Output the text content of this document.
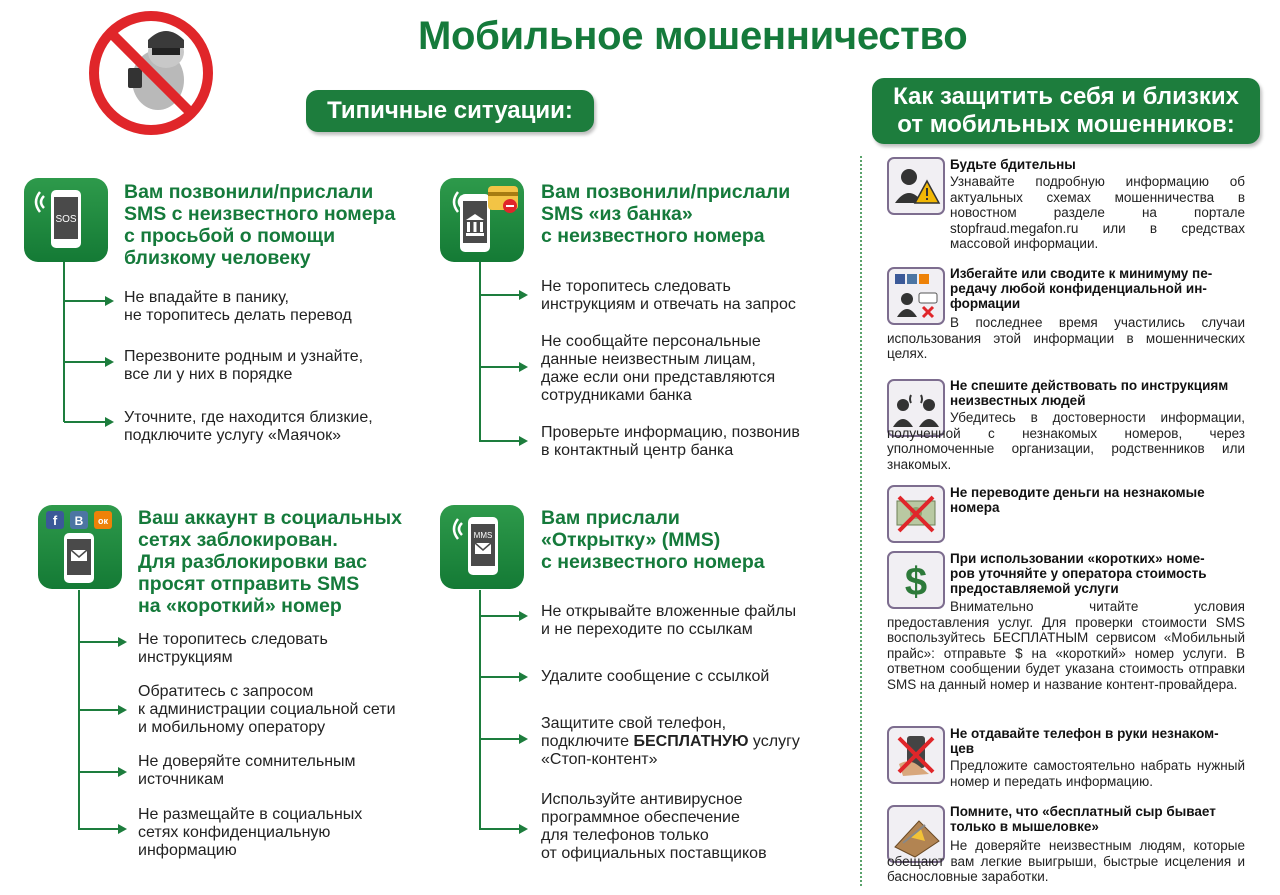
Мобильное мошенничество
Типичные ситуации:
Как защитить себя и близких
от мобильных мошенников:
SOS
Вам позвонили/прислали
SMS с неизвестного номера
с просьбой о помощи
близкому человеку

Не впадайте в панику,
не торопитесь делать перевод

Перезвоните родным и узнайте,
все ли у них в порядке

Уточните, где находится близкие,
подключите услугу «Маячок»

Вам позвонили/прислали
SMS «из банка»
с неизвестного номера

Не торопитесь следовать
инструкциям и отвечать на запрос

Не сообщайте персональные
данные неизвестным лицам,
даже если они представляются
сотрудниками банка

Проверьте информацию, позвонив
в контактный центр банка

f В ок Ваш аккаунт в социальных
сетях заблокирован.
Для разблокировки вас
просят отправить SMS
на «короткий» номер

Не торопитесь следовать
инструкциям

Обратитесь с запросом
к администрации социальной сети
и мобильному оператору

Не доверяйте сомнительным
источникам

Не размещайте в социальных
сетях конфиденциальную
информацию

MMS
Вам прислали
«Открытку» (MMS)
с неизвестного номера

Не открывайте вложенные файлы
и не переходите по ссылкам

Удалите сообщение с ссылкой

Защитите свой телефон,
подключите БЕСПЛАТНУЮ услугу
«Стоп-контент»

Используйте антивирусное
программное обеспечение
для телефонов только
от официальных поставщиков

Будьте бдительны

Узнавайте подробную информацию об актуальных схемах мошенничества в новостном разделе на портале stopfraud.megafon.ru или в средствах массовой информации.

Избегайте или сводите к минимуму пе-
редачу любой конфиденциальной ин-
формации

В последнее время участились случаи использования этой информации в мошеннических целях.

Не спешите действовать по инструкциям
неизвестных людей

Убедитесь в достоверности информации, полученной с незнакомых номеров, через уполномоченные организации, родственников или знакомых.

Не переводите деньги на незнакомые
номера

$

При использовании «коротких» номе-
ров уточняйте у оператора стоимость
предоставляемой услуги

Внимательно читайте условия предоставления услуг. Для проверки стоимости SMS воспользуйтесь БЕСПЛАТНЫМ сервисом «Мобильный прайс»: отправьте $ на «короткий» номер услуги. В ответном сообщении будет указана стоимость отправки SMS на данный номер и название контент-провайдера.

Не отдавайте телефон в руки незнаком-
цев

Предложите самостоятельно набрать нужный номер и передать информацию.

Помните, что «бесплатный сыр бывает
только в мышеловке»

Не доверяйте неизвестным людям, которые обещают вам легкие выигрыши, быстрые исцеления и баснословные заработки.
